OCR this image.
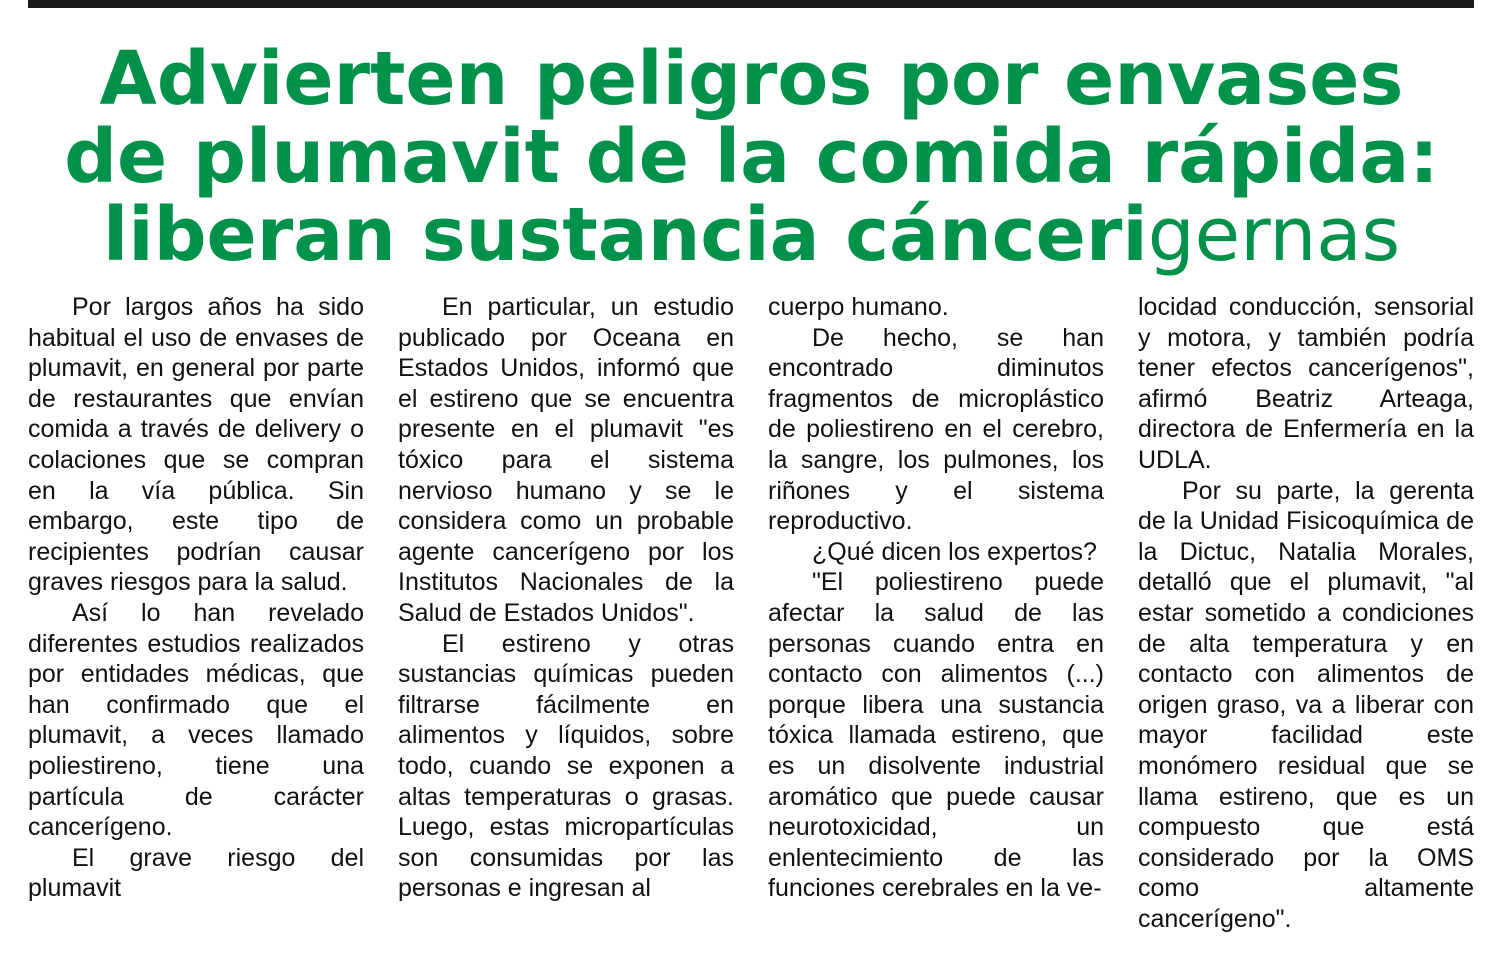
Advierten peligros por envases
de plumavit de la comida rápida:
liberan sustancia cáncerigernas

Por largos años ha sido habitual el uso de envases de plumavit, en general por parte de restaurantes que envían comida a través de delivery o colaciones que se compran en la vía pública. Sin embargo, este tipo de recipientes podrían causar graves riesgos para la salud.

Así lo han revelado diferentes estudios realizados por entidades médicas, que han confirmado que el plumavit, a veces llamado poliestireno, tiene una partícula de carácter cancerígeno.

El grave riesgo del plumavit

En particular, un estudio publicado por Oceana en Estados Unidos, informó que el estireno que se encuentra presente en el plumavit "es tóxico para el sistema nervioso humano y se le considera como un probable agente cancerígeno por los Institutos Nacionales de la Salud de Estados Unidos".

El estireno y otras sustancias químicas pueden filtrarse fácilmente en alimentos y líquidos, sobre todo, cuando se exponen a altas temperaturas o grasas. Luego, estas micropartículas son consumidas por las personas e ingresan al

cuerpo humano.

De hecho, se han encontrado diminutos fragmentos de microplástico de poliestireno en el cerebro, la sangre, los pulmones, los riñones y el sistema reproductivo.

¿Qué dicen los expertos?

"El poliestireno puede afectar la salud de las personas cuando entra en contacto con alimentos (...) porque libera una sustancia tóxica llamada estireno, que es un disolvente industrial aromático que puede causar neurotoxicidad, un enlentecimiento de las funciones cerebrales en la ve-

locidad conducción, sensorial y motora, y también podría tener efectos cancerígenos", afirmó Beatriz Arteaga, directora de Enfermería en la UDLA.

Por su parte, la gerenta de la Unidad Fisicoquímica de la Dictuc, Natalia Morales, detalló que el plumavit, "al estar sometido a condiciones de alta temperatura y en contacto con alimentos de origen graso, va a liberar con mayor facilidad este monómero residual que se llama estireno, que es un compuesto que está considerado por la OMS como altamente cancerígeno".
